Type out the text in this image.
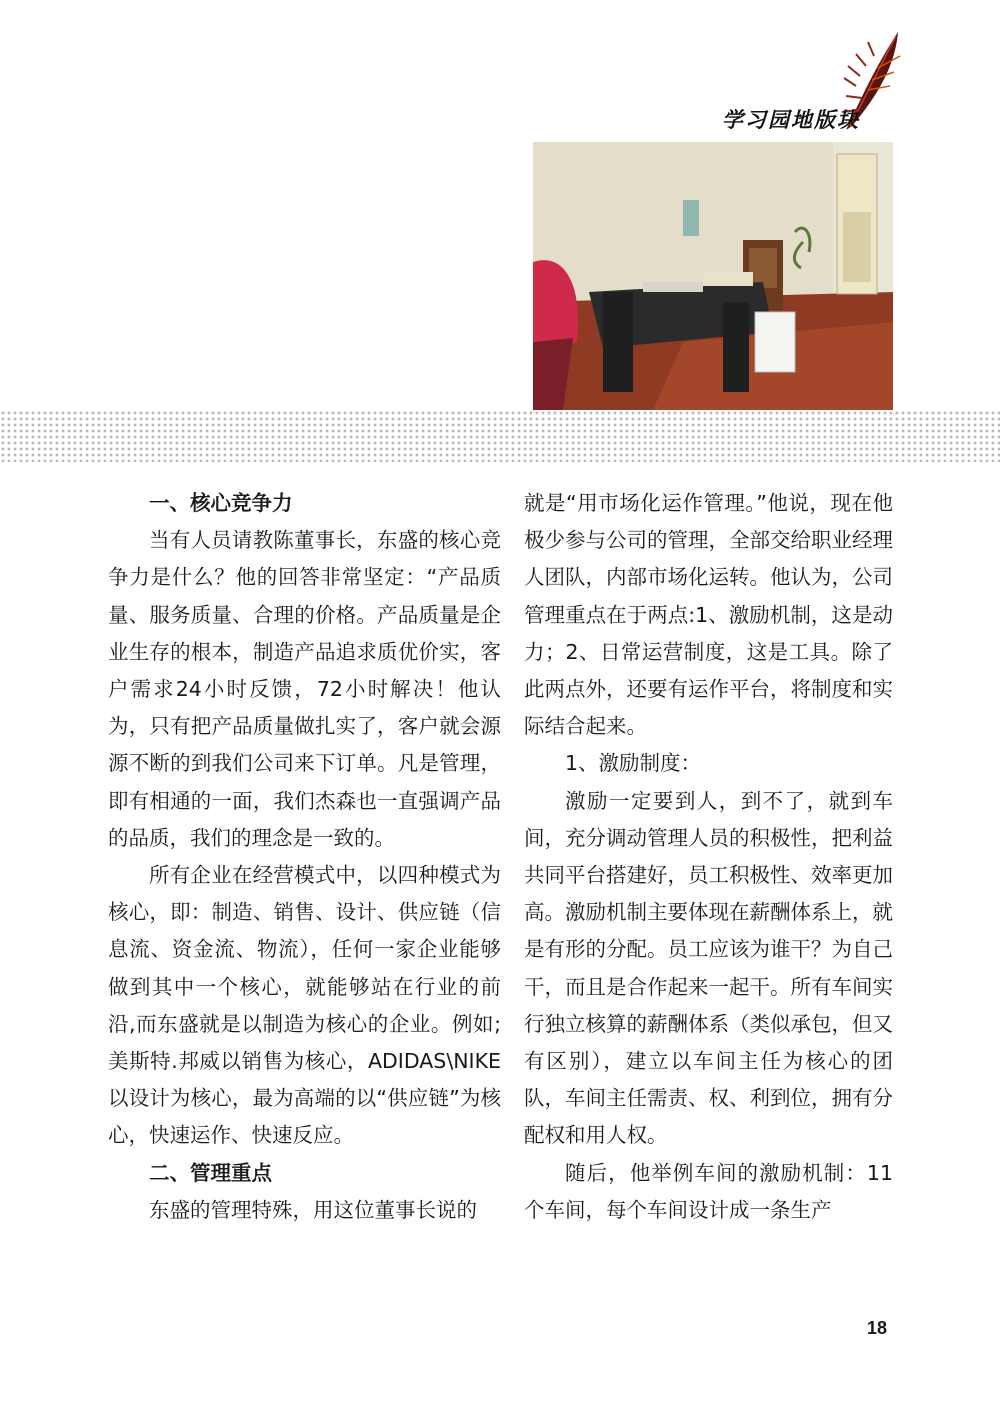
学习园地版块

一、核心竞争力

当有人员请教陈董事长，东盛的核心竞争力是什么？他的回答非常坚定：“产品质量、服务质量、合理的价格。产品质量是企业生存的根本，制造产品追求质优价实，客户需求24小时反馈，72小时解决！他认为，只有把产品质量做扎实了，客户就会源源不断的到我们公司来下订单。凡是管理，即有相通的一面，我们杰森也一直强调产品的品质，我们的理念是一致的。

所有企业在经营模式中，以四种模式为核心，即：制造、销售、设计、供应链（信息流、资金流、物流），任何一家企业能够做到其中一个核心，就能够站在行业的前沿,而东盛就是以制造为核心的企业。例如;美斯特.邦威以销售为核心，ADIDAS\NIKE以设计为核心，最为高端的以“供应链”为核心，快速运作、快速反应。

二、管理重点

东盛的管理特殊，用这位董事长说的

就是“用市场化运作管理。”他说，现在他极少参与公司的管理，全部交给职业经理人团队，内部市场化运转。他认为，公司管理重点在于两点:1、激励机制，这是动力；2、日常运营制度，这是工具。除了此两点外，还要有运作平台，将制度和实际结合起来。

1、激励制度：

激励一定要到人，到不了，就到车间，充分调动管理人员的积极性，把利益共同平台搭建好，员工积极性、效率更加高。激励机制主要体现在薪酬体系上，就是有形的分配。员工应该为谁干？为自己干，而且是合作起来一起干。所有车间实行独立核算的薪酬体系（类似承包，但又有区别），建立以车间主任为核心的团队，车间主任需责、权、利到位，拥有分配权和用人权。

随后，他举例车间的激励机制：11个车间，每个车间设计成一条生产

18
